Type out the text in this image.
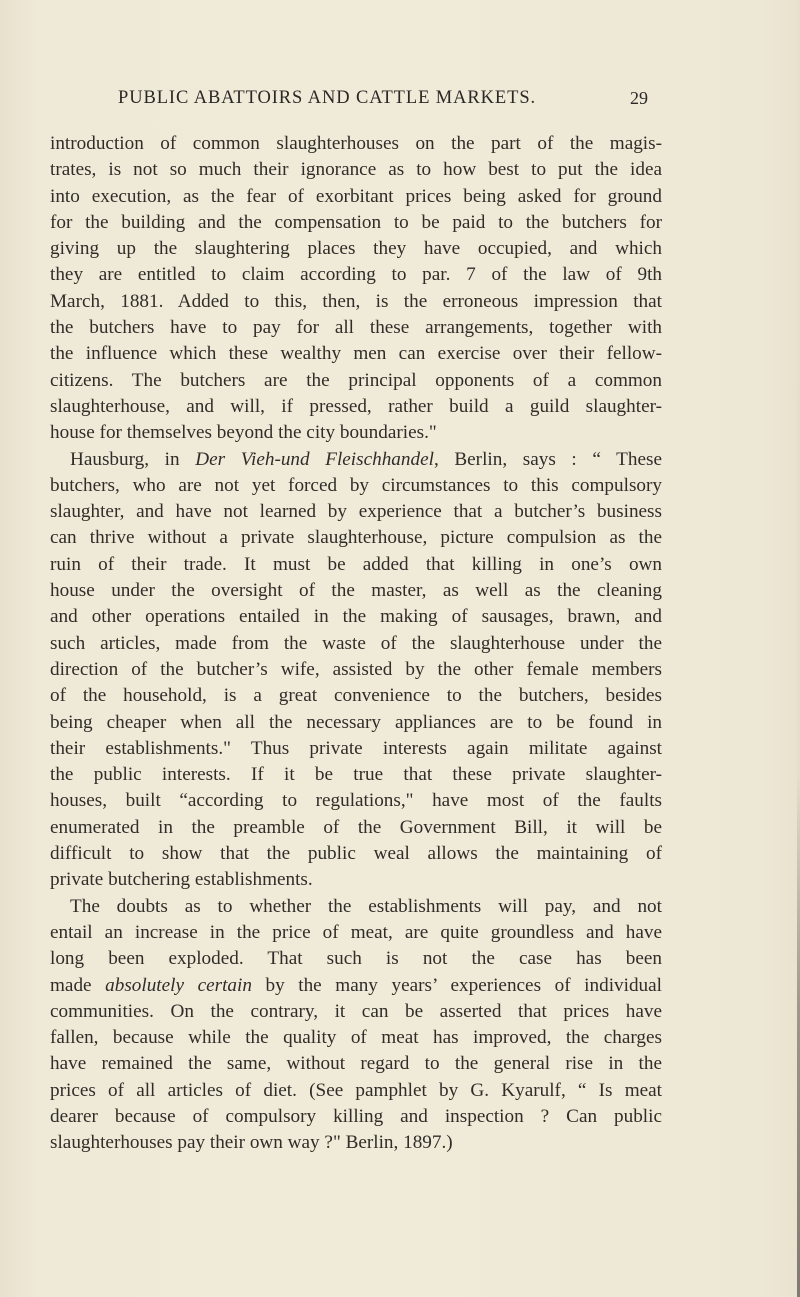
PUBLIC ABATTOIRS AND CATTLE MARKETS.	29
introduction of common slaughterhouses on the part of the magis-
trates, is not so much their ignorance as to how best to put the idea
into execution, as the fear of exorbitant prices being asked for ground
for the building and the compensation to be paid to the butchers for
giving up the slaughtering places they have occupied, and which
they are entitled to claim according to par. 7 of the law of 9th
March, 1881. Added to this, then, is the erroneous impression that
the butchers have to pay for all these arrangements, together with
the influence which these wealthy men can exercise over their fellow-
citizens. The butchers are the principal opponents of a common
slaughterhouse, and will, if pressed, rather build a guild slaughter-
house for themselves beyond the city boundaries."
Hausburg, in Der Vieh-und Fleischhandel, Berlin, says : “ These
butchers, who are not yet forced by circumstances to this compulsory
slaughter, and have not learned by experience that a butcher’s business
can thrive without a private slaughterhouse, picture compulsion as the
ruin of their trade. It must be added that killing in one’s own
house under the oversight of the master, as well as the cleaning
and other operations entailed in the making of sausages, brawn, and
such articles, made from the waste of the slaughterhouse under the
direction of the butcher’s wife, assisted by the other female members
of the household, is a great convenience to the butchers, besides
being cheaper when all the necessary appliances are to be found in
their establishments." Thus private interests again militate against
the public interests. If it be true that these private slaughter-
houses, built “according to regulations," have most of the faults
enumerated in the preamble of the Government Bill, it will be
difficult to show that the public weal allows the maintaining of
private butchering establishments.
The doubts as to whether the establishments will pay, and not
entail an increase in the price of meat, are quite groundless and have
long been exploded. That such is not the case has been
made absolutely certain by the many years’ experiences of individual
communities. On the contrary, it can be asserted that prices have
fallen, because while the quality of meat has improved, the charges
have remained the same, without regard to the general rise in the
prices of all articles of diet. (See pamphlet by G. Kyarulf, “ Is meat
dearer because of compulsory killing and inspection ? Can public
slaughterhouses pay their own way ?" Berlin, 1897.)
